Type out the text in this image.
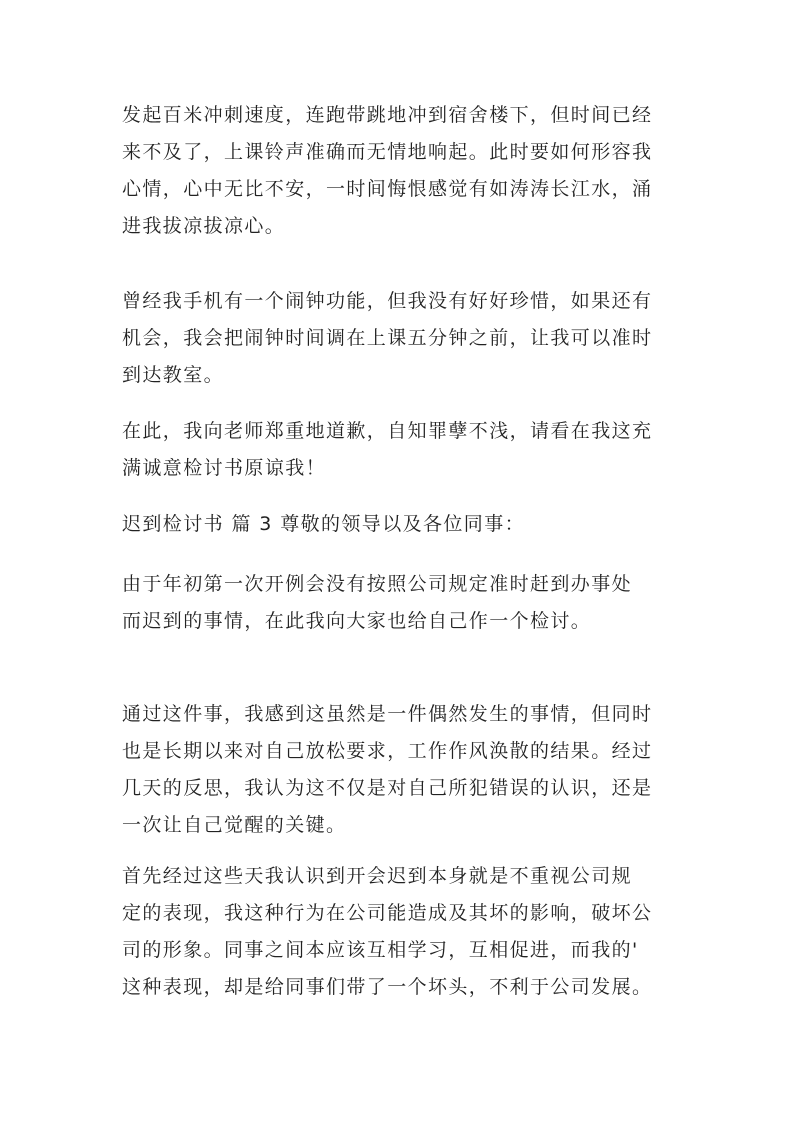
发起百米冲刺速度，连跑带跳地冲到宿舍楼下，但时间已经
来不及了，上课铃声准确而无情地响起。此时要如何形容我
心情，心中无比不安，一时间悔恨感觉有如涛涛长江水，涌
进我拔凉拔凉心。

曾经我手机有一个闹钟功能，但我没有好好珍惜，如果还有
机会，我会把闹钟时间调在上课五分钟之前，让我可以准时
到达教室。

在此，我向老师郑重地道歉，自知罪孽不浅，请看在我这充
满诚意检讨书原谅我！

迟到检讨书 篇 3 尊敬的领导以及各位同事：

由于年初第一次开例会没有按照公司规定准时赶到办事处
而迟到的事情，在此我向大家也给自己作一个检讨。

通过这件事，我感到这虽然是一件偶然发生的事情，但同时
也是长期以来对自己放松要求，工作作风涣散的结果。经过
几天的反思，我认为这不仅是对自己所犯错误的认识，还是
一次让自己觉醒的关键。

首先经过这些天我认识到开会迟到本身就是不重视公司规
定的表现，我这种行为在公司能造成及其坏的影响，破坏公
司的形象。同事之间本应该互相学习，互相促进，而我的'
这种表现，却是给同事们带了一个坏头，不利于公司发展。
